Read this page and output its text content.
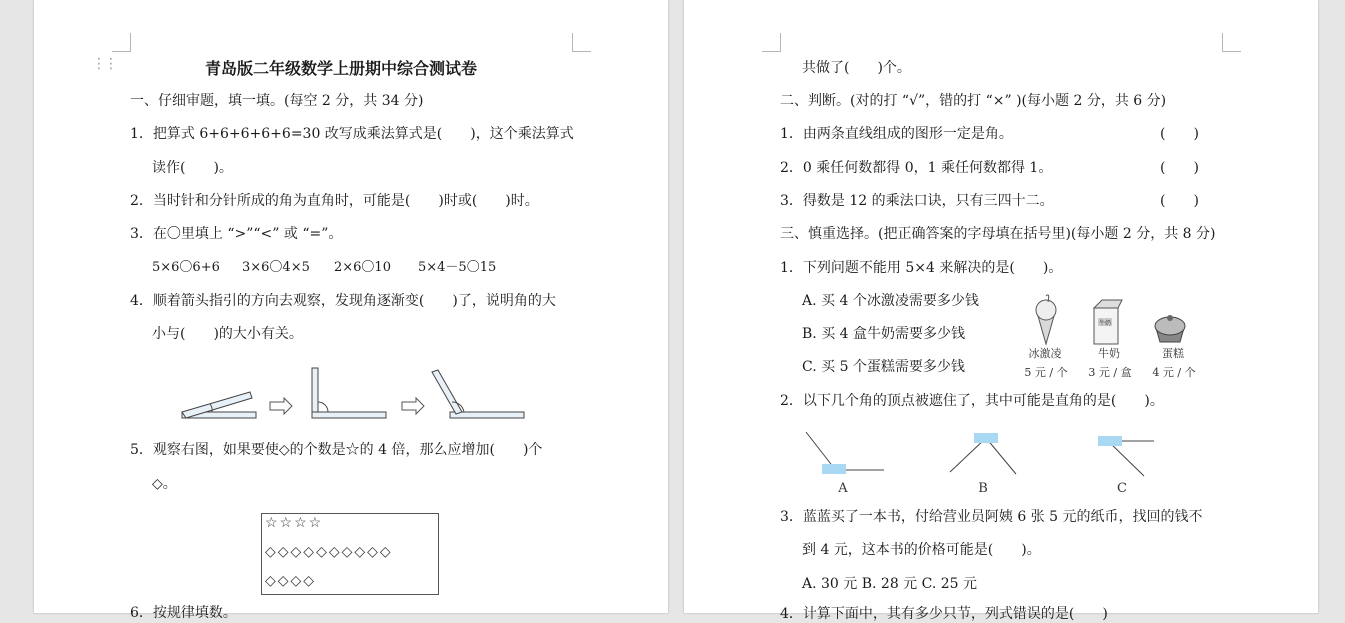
⋮⋮	青岛版二年级数学上册期中综合测试卷
一、仔细审题，填一填。(每空 2 分，共 34 分)
1．把算式 6+6+6+6+6=30 改写成乘法算式是(　　)，这个乘法算式
读作(　　)。
2．当时针和分针所成的角为直角时，可能是(　　)时或(　　)时。
3．在〇里填上 “>”“<” 或 “=”。
5×6〇6+6 3×6〇4×5 2×6〇10 5×4－5〇15
4．顺着箭头指引的方向去观察，发现角逐渐变(　　)了，说明角的大
小与(　　)的大小有关。
5．观察右图，如果要使◇的个数是☆的 4 倍，那么应增加(　　)个
◇。
☆☆☆☆
◇◇◇◇◇◇◇◇◇◇
◇◇◇◇
6．按规律填数。
共做了(　　)个。
二、判断。(对的打 “√”，错的打 “×” )(每小题 2 分，共 6 分)
1．由两条直线组成的图形一定是角。	(　　)
2．0 乘任何数都得 0，1 乘任何数都得 1。	(　　)
3．得数是 12 的乘法口诀，只有三四十二。	(　　)
三、慎重选择。(把正确答案的字母填在括号里)(每小题 2 分，共 8 分)
1．下列问题不能用 5×4 来解决的是(　　)。
A. 买 4 个冰激凌需要多少钱
B. 买 4 盒牛奶需要多少钱
C. 买 5 个蛋糕需要多少钱
牛奶
冰激凌	牛奶	蛋糕
5 元 / 个	3 元 / 盒	4 元 / 个
2．以下几个角的顶点被遮住了，其中可能是直角的是(　　)。
A	B	C
3．蓝蓝买了一本书，付给营业员阿姨 6 张 5 元的纸币，找回的钱不
到 4 元，这本书的价格可能是(　　)。
A. 30 元 B. 28 元 C. 25 元
4．计算下面中，其有多少只节，列式错误的是(　　)
